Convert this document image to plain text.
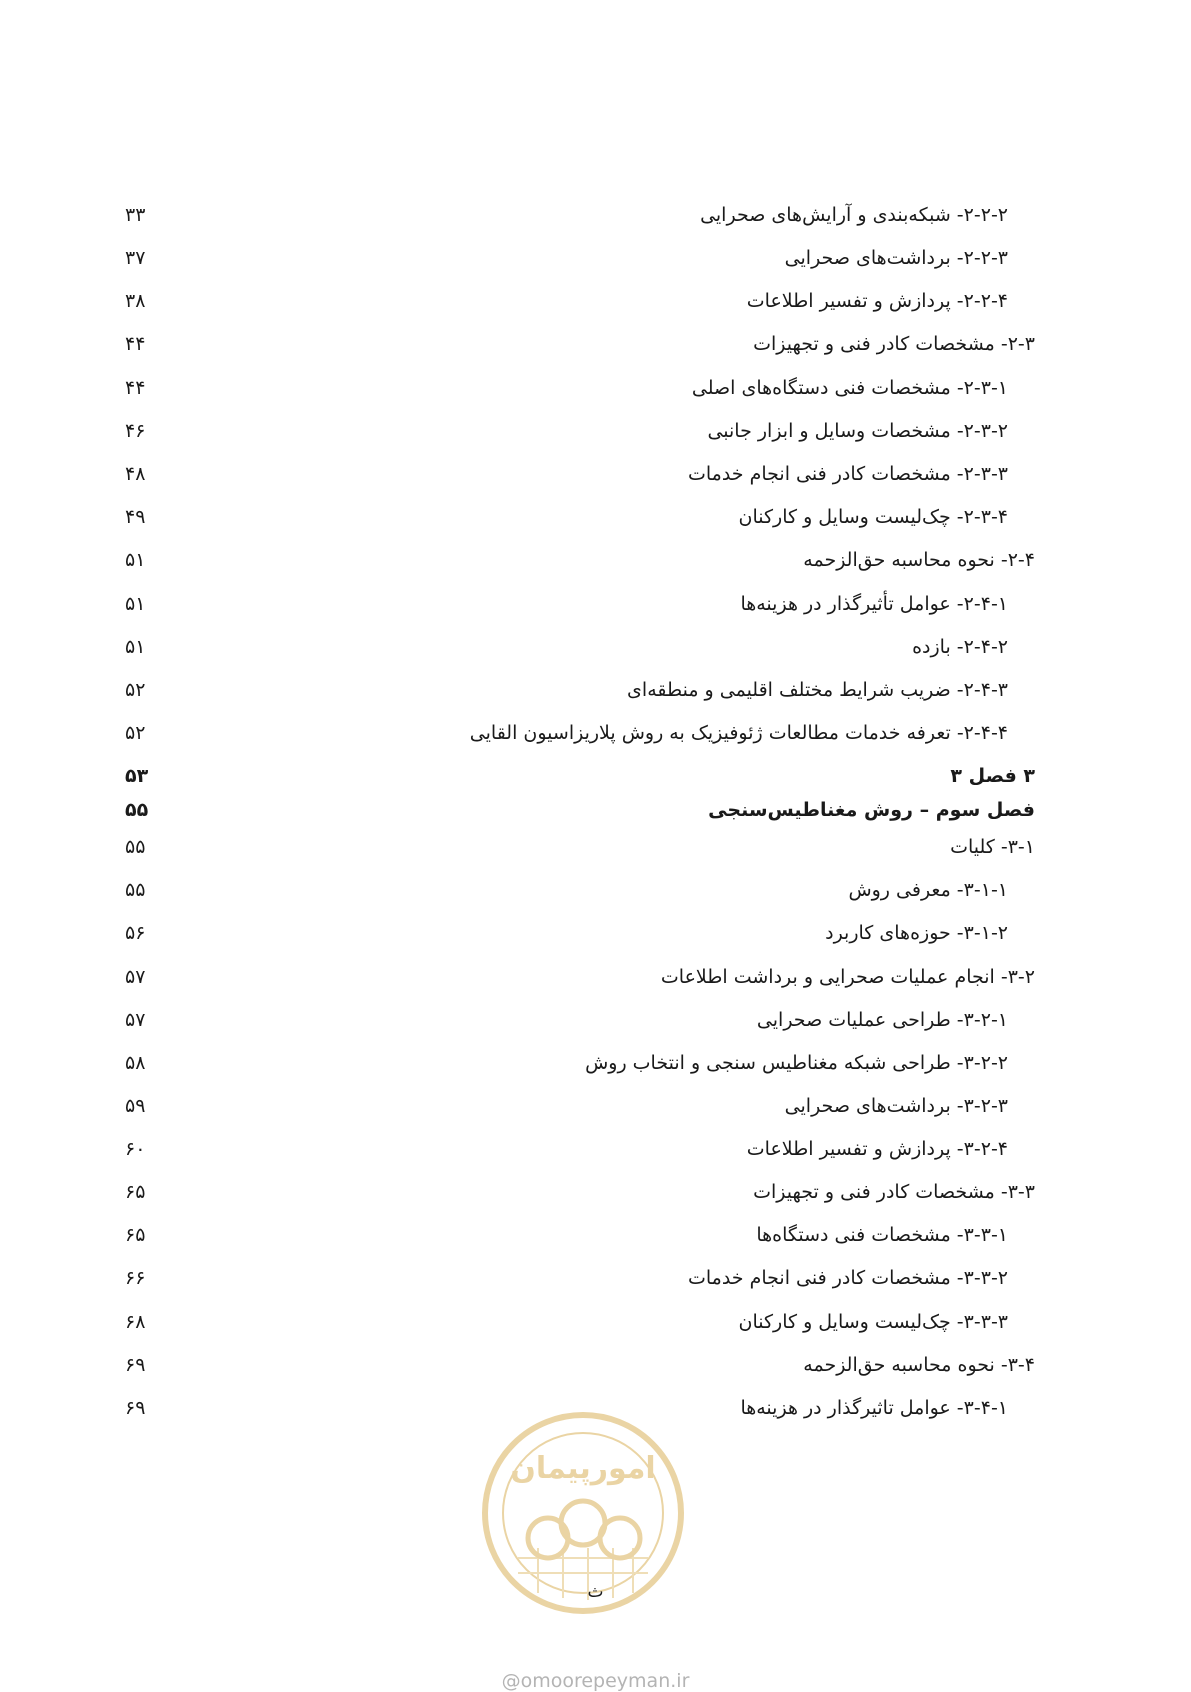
۲-۲-۲- شبکه‌بندی و آرایش‌های صحرایی
۳۳
۲-۲-۳- برداشت‌های صحرایی
۳۷
۲-۲-۴- پردازش و تفسیر اطلاعات
۳۸
۲-۳- مشخصات کادر فنی و تجهیزات
۴۴
۲-۳-۱- مشخصات فنی دستگاه‌های اصلی
۴۴
۲-۳-۲- مشخصات وسایل و ابزار جانبی
۴۶
۲-۳-۳- مشخصات کادر فنی انجام خدمات
۴۸
۲-۳-۴- چک‌لیست وسایل و کارکنان
۴۹
۲-۴- نحوه محاسبه حق‌الزحمه
۵۱
۲-۴-۱- عوامل تأثیرگذار در هزینه‌ها
۵۱
۲-۴-۲- بازده
۵۱
۲-۴-۳- ضریب شرایط مختلف اقلیمی و منطقه‌ای
۵۲
۲-۴-۴- تعرفه خدمات مطالعات ژئوفیزیک به روش پلاریزاسیون القایی
۵۲
۳ فصل ۳
۵۳
فصل سوم – روش مغناطیس‌سنجی
۵۵
۳-۱- کلیات
۵۵
۳-۱-۱- معرفی روش
۵۵
۳-۱-۲- حوزه‌های کاربرد
۵۶
۳-۲- انجام عملیات صحرایی و برداشت اطلاعات
۵۷
۳-۲-۱- طراحی عملیات صحرایی
۵۷
۳-۲-۲- طراحی شبکه مغناطیس سنجی و انتخاب روش
۵۸
۳-۲-۳- برداشت‌های صحرایی
۵۹
۳-۲-۴- پردازش و تفسیر اطلاعات
۶۰
۳-۳- مشخصات کادر فنی و تجهیزات
۶۵
۳-۳-۱- مشخصات فنی دستگاه‌ها
۶۵
۳-۳-۲- مشخصات کادر فنی انجام خدمات
۶۶
۳-۳-۳- چک‌لیست وسایل و کارکنان
۶۸
۳-۴- نحوه محاسبه حق‌الزحمه
۶۹
۳-۴-۱- عوامل تاثیرگذار در هزینه‌ها
۶۹
امورپیمان
ث
@omoorepeyman.ir
